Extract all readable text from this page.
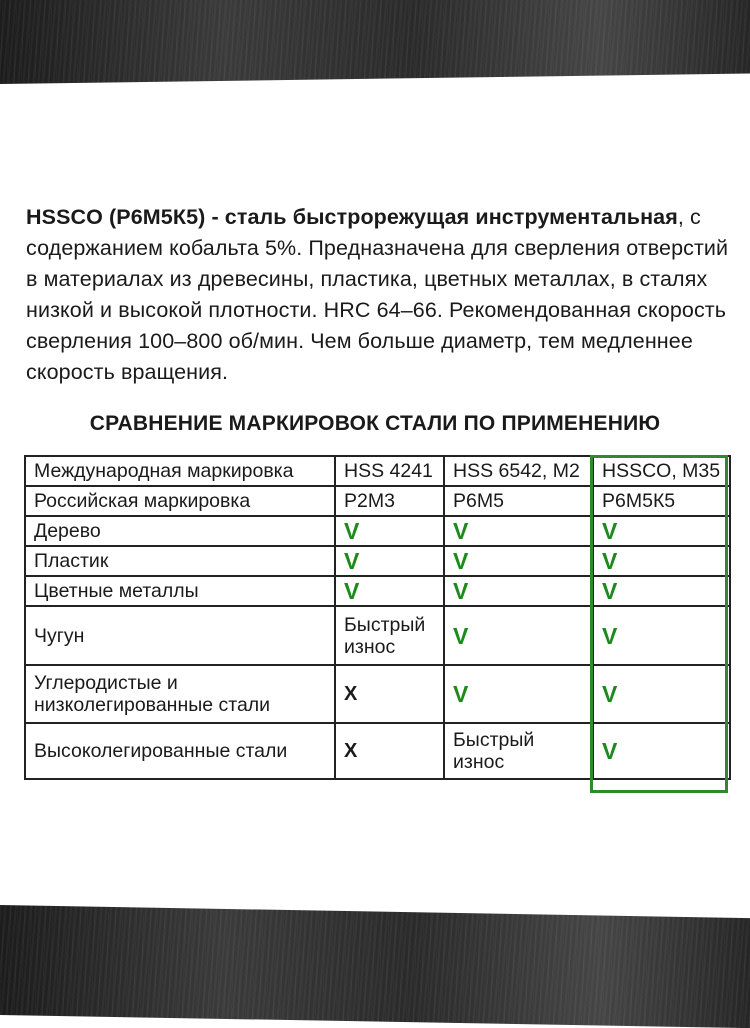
HSSCO (Р6М5К5) - сталь быстрорежущая инструментальная, с содержанием кобальта 5%. Предназначена для сверления отверстий в материалах из древесины, пластика, цветных металлах, в сталях низкой и высокой плотности. HRC 64–66. Рекомендованная скорость сверления 100–800 об/мин. Чем больше диаметр, тем медленнее скорость вращения.
СРАВНЕНИЕ МАРКИРОВОК СТАЛИ ПО ПРИМЕНЕНИЮ
Международная маркировка	HSS 4241	HSS 6542, M2	HSSCO, M35
Российская маркировка	Р2М3	Р6М5	Р6М5К5
Дерево	V	V	V
Пластик	V	V	V
Цветные металлы	V	V	V
Чугун	Быстрый износ	V	V
Углеродистые и низколегированные стали	X	V	V
Высоколегированные стали	X	Быстрый износ	V
